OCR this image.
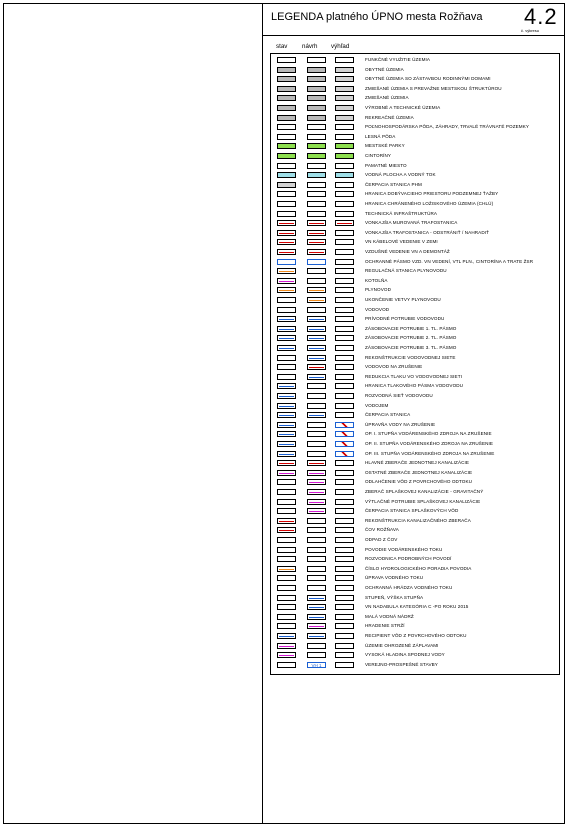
LEGENDA platného ÚPNO mesta Rožňava 4.2
č. výkresu
stav návrh výhľad
FUNKČNÉ VYUŽITIE ÚZEMIA
OBYTNÉ ÚZEMIA
OBYTNÉ ÚZEMIA SO ZÁSTAVBOU RODINNÝMI DOMAMI
ZMIEŠANÉ ÚZEMIA S PREVAŽNE MESTSKOU ŠTRUKTÚROU
ZMIEŠANÉ ÚZEMIA
VÝROBNÉ A TECHNICKÉ ÚZEMIA
REKREAČNÉ ÚZEMIA
POĽNOHOSPODÁRSKA PÔDA, ZÁHRADY, TRVALÉ TRÁVNATÉ POZEMKY
LESNÁ PÔDA
MESTSKÉ PARKY
CINTORÍNY
PAMATNÉ MIESTO
VODNÁ PLOCHA A VODNÝ TOK
ČERPACIA STANICA PHM
HRANICA DOBÝVACIEHO PRIESTORU PODZEMNEJ ŤAŽBY
HRANICA CHRÁNENÉHO LOŽISKOVÉHO ÚZEMIA (CHLÚ)
TECHNICKÁ INFRAŠTRUKTÚRA
VONKAJŠIA MUROVANÁ TRAFOSTANICA
VONKAJŠIA TRAFOSTANICA - ODSTRÁNIŤ / NAHRADIŤ
VN KÁBELOVÉ VEDENIE V ZEMI
VZDUŠNÉ VEDENIE VN A DEMONTÁŽ
OCHRANNÉ PÁSMO VZD. VN VEDENÍ, VTL PLN., CINTORÍNA A TRATE ŽSR
REGULAČNÁ STANICA PLYNOVODU
KOTOLŇA
PLYNOVOD
UKONČENIE VETVY PLYNOVODU
VODOVOD
PRÍVODNÉ POTRUBIE VODOVODU
ZÁSOBOVACIE POTRUBIE 1. TL. PÁSMO
ZÁSOBOVACIE POTRUBIE 2. TL. PÁSMO
ZÁSOBOVACIE POTRUBIE 3. TL. PÁSMO
REKONŠTRUKCIE VODOVODNEJ SIETE
VODOVOD NA ZRUŠENIE
REDUKCIA TLAKU VO VODOVODNEJ SIETI
HRANICA TLAKOVÉHO PÁSMA VODOVODU
ROZVODNÁ SIEŤ VODOVODU
VODOJEM
ČERPACIA STANICA
ÚPRAVŇA VODY NA ZRUŠENIE
OP. I. STUPŇA VODÁRENSKÉHO ZDROJA NA ZRUŠENIE
OP. II. STUPŇA VODÁRENSKÉHO ZDROJA NA ZRUŠENIE
OP. III. STUPŇA VODÁRENSKÉHO ZDROJA NA ZRUŠENIE
HLAVNÉ ZBERAČE JEDNOTNEJ KANALIZÁCIE
OSTATNÉ ZBERAČE JEDNOTNEJ KANALIZÁCIE
ODLAHČENIE VÔD Z POVRCHOVÉHO ODTOKU
ZBERAČ SPLAŠKOVEJ KANALIZÁCIE - GRAVITAČNÝ
VÝTLAČNÉ POTRUBIE SPLAŠKOVEJ KANALIZÁCIE
ČERPACIA STANICA SPLAŠKOVÝCH VÔD
REKONŠTRUKCIA KANALIZAČNÉHO ZBERAČA
ČOV ROŽŇAVA
ODPAD Z ČOV
POVODIE VODÁRENSKÉHO TOKU
ROZVODNICA PODROBNÝCH POVODÍ
ČÍSLO HYDROLOGICKÉHO PORADIA POVODIA
ÚPRAVA VODNÉHO TOKU
OCHRANNÁ HRÁDZA VODNÉHO TOKU
STUPEŇ, VÝŠKA STUPŇA
VN NADABULA KATEGÓRIA C -PO ROKU 2015
MALÁ VODNÁ NÁDRŽ
HRADENIE STRŽÍ
RECIPIENT VÔD Z POVRCHOVÉHO ODTOKU
ÚZEMIE OHROZENÉ ZÁPLAVAMI
VYSOKÁ HLADINA SPODNEJ VODY
VH 1	VEREJNO-PROSPEŠNÉ STAVBY
